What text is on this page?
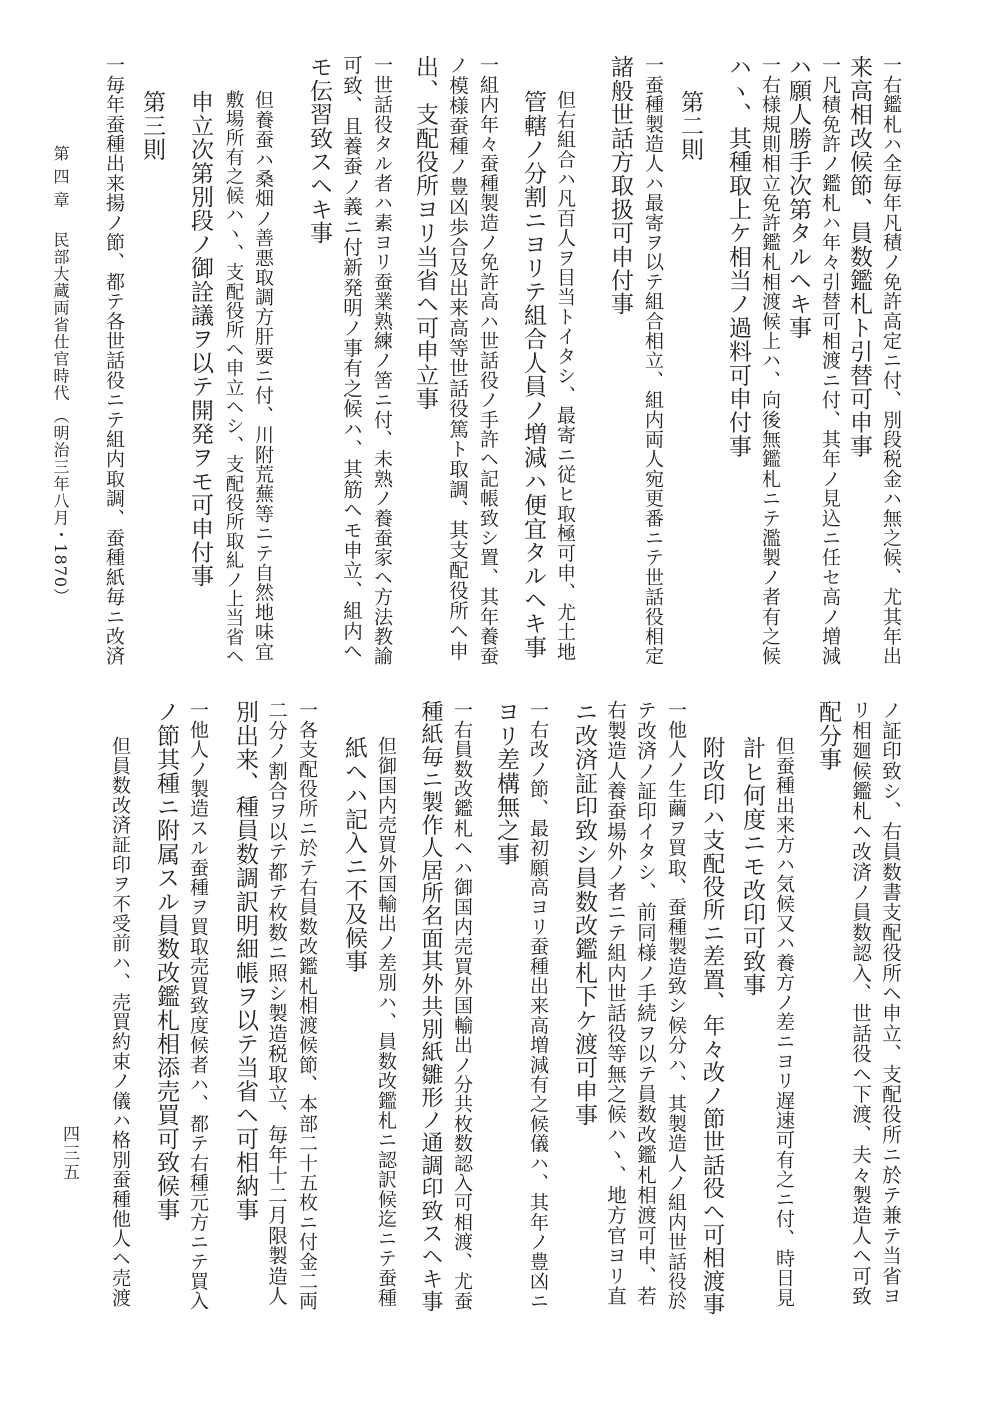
一右鑑札ハ全毎年凡積ノ免許高定ニ付、別段税金ハ無之候、尤其年出
来高相改候節、員数鑑札ト引替可申事
一凡積免許ノ鑑札ハ年々引替可相渡ニ付、其年ノ見込ニ任セ高ノ増減
ハ願人勝手次第タルヘキ事
一右様規則相立免許鑑札相渡候上ハ、向後無鑑札ニテ濫製ノ者有之候
ハヽ、其種取上ケ相当ノ過料可申付事
第二則
一蚕種製造人ハ最寄ヲ以テ組合相立、組内両人宛更番ニテ世話役相定
諸般世話方取扱可申付事
但右組合ハ凡百人ヲ目当トイタシ、最寄ニ従ヒ取極可申、尤土地
管轄ノ分割ニヨリテ組合人員ノ増減ハ便宜タルヘキ事
一組内年々蚕種製造ノ免許高ハ世話役ノ手許ヘ記帳致シ置、其年養蚕
ノ模様蚕種ノ豊凶歩合及出来高等世話役篤ト取調、其支配役所ヘ申
出、支配役所ヨリ当省ヘ可申立事
一世話役タル者ハ素ヨリ蚕業熟練ノ筈ニ付、未熟ノ養蚕家ヘ方法教諭
可致、且養蚕ノ義ニ付新発明ノ事有之候ハ、其筋ヘモ申立、組内ヘ
モ伝習致スヘキ事
但養蚕ハ桑畑ノ善悪取調方肝要ニ付、川附荒蕪等ニテ自然地味宜
敷場所有之候ハヽ、支配役所ヘ申立ヘシ、支配役所取糺ノ上当省ヘ
申立次第別段ノ御詮議ヲ以テ開発ヲモ可申付事
第三則
一毎年蚕種出来揚ノ節、都テ各世話役ニテ組内取調、蚕種紙毎ニ改済
ノ証印致シ、右員数書支配役所ヘ申立、支配役所ニ於テ兼テ当省ヨ
リ相廻候鑑札ヘ改済ノ員数認入、世話役ヘ下渡、夫々製造人ヘ可致
配分事
但蚕種出来方ハ気候又ハ養方ノ差ニヨリ遅速可有之ニ付、時日見
計ヒ何度ニモ改印可致事
附改印ハ支配役所ニ差置、年々改ノ節世話役ヘ可相渡事
一他人ノ生繭ヲ買取、蚕種製造致シ候分ハ、其製造人ノ組内世話役於
テ改済ノ証印イタシ、前同様ノ手続ヲ以テ員数改鑑札相渡可申、若
右製造人養蚕場外ノ者ニテ組内世話役等無之候ハヽ、地方官ヨリ直
ニ改済証印致シ員数改鑑札下ケ渡可申事
一右改ノ節、最初願高ヨリ蚕種出来高増減有之候儀ハ、其年ノ豊凶ニ
ヨリ差構無之事
一右員数改鑑札ヘハ御国内売買外国輸出ノ分共枚数認入可相渡、尤蚕
種紙毎ニ製作人居所名面其外共別紙雛形ノ通調印致スヘキ事
但御国内売買外国輸出ノ差別ハ、員数改鑑札ニ認訳候迄ニテ蚕種
紙ヘハ記入ニ不及候事
一各支配役所ニ於テ右員数改鑑札相渡候節、本部二十五枚ニ付金二両
二分ノ割合ヲ以テ都テ枚数ニ照シ製造税取立、毎年十二月限製造人
別出来、種員数調訳明細帳ヲ以テ当省ヘ可相納事
一他人ノ製造スル蚕種ヲ買取売買致度候者ハ、都テ右種元方ニテ買入
ノ節其種ニ附属スル員数改鑑札相添売買可致候事
但員数改済証印ヲ不受前ハ、売買約束ノ儀ハ格別蚕種他人ヘ売渡
第 四 章　 民部大蔵両省仕官時代 （明治三年八月・1870）
四三五
